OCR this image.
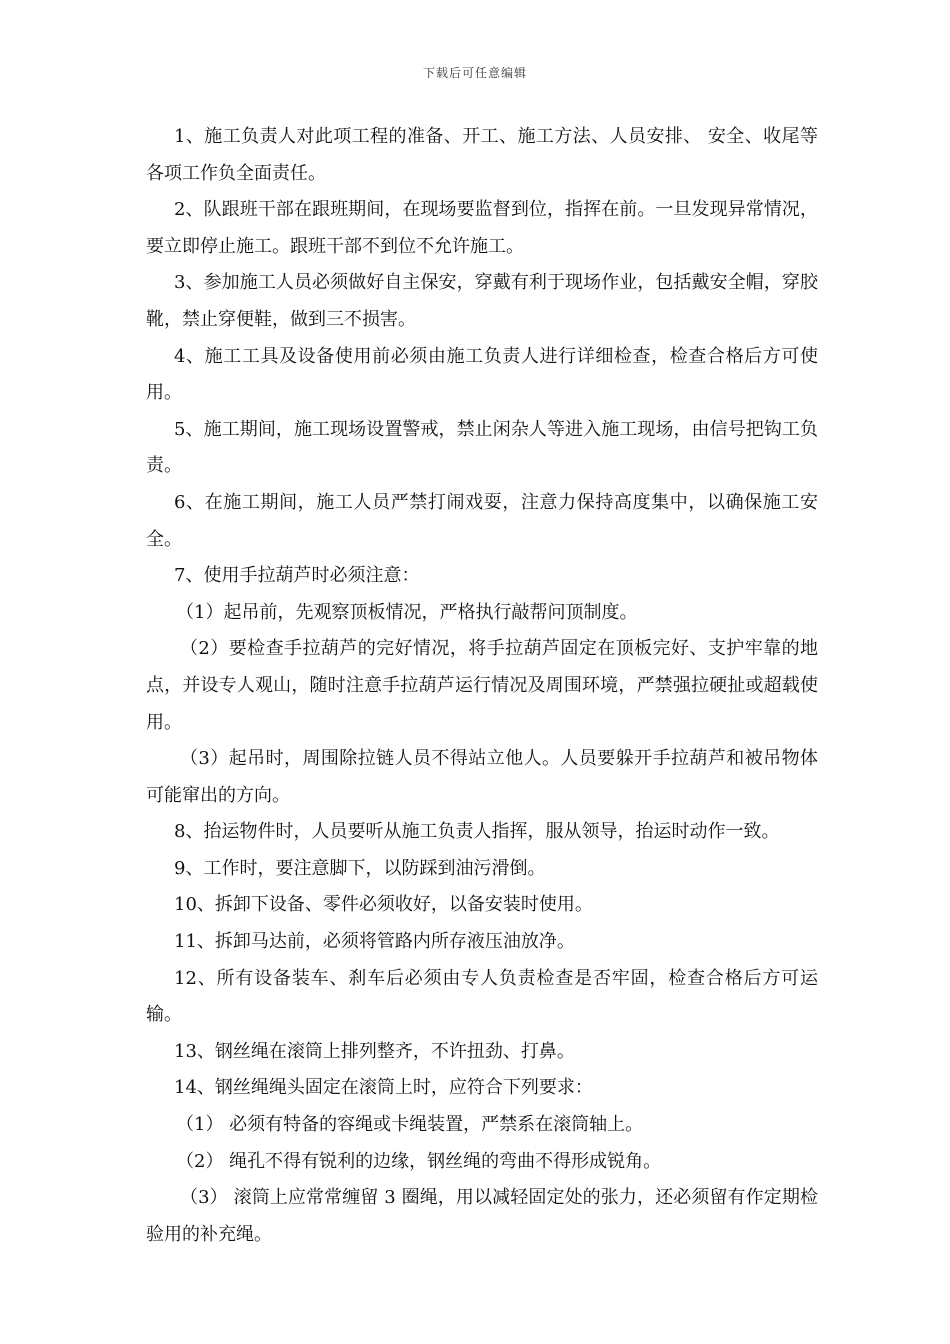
下载后可任意编辑

1、施工负责人对此项工程的准备、开工、施工方法、人员安排、 安全、收尾等各项工作负全面责任。

2、队跟班干部在跟班期间，在现场要监督到位，指挥在前。一旦发现异常情况，要立即停止施工。跟班干部不到位不允许施工。

3、参加施工人员必须做好自主保安，穿戴有利于现场作业，包括戴安全帽，穿胶靴，禁止穿便鞋，做到三不损害。

4、施工工具及设备使用前必须由施工负责人进行详细检查，检查合格后方可使用。

5、施工期间，施工现场设置警戒，禁止闲杂人等进入施工现场，由信号把钩工负责。

6、在施工期间，施工人员严禁打闹戏耍，注意力保持高度集中，以确保施工安全。

7、使用手拉葫芦时必须注意：

（1）起吊前，先观察顶板情况，严格执行敲帮问顶制度。

（2）要检查手拉葫芦的完好情况，将手拉葫芦固定在顶板完好、支护牢靠的地点，并设专人观山，随时注意手拉葫芦运行情况及周围环境，严禁强拉硬扯或超载使用。

（3）起吊时，周围除拉链人员不得站立他人。人员要躲开手拉葫芦和被吊物体可能窜出的方向。

8、抬运物件时，人员要听从施工负责人指挥，服从领导，抬运时动作一致。

9、工作时，要注意脚下，以防踩到油污滑倒。

10、拆卸下设备、零件必须收好，以备安装时使用。

11、拆卸马达前，必须将管路内所存液压油放净。

12、所有设备装车、刹车后必须由专人负责检查是否牢固，检查合格后方可运输。

13、钢丝绳在滚筒上排列整齐，不许扭劲、打鼻。

14、钢丝绳绳头固定在滚筒上时，应符合下列要求：

（1） 必须有特备的容绳或卡绳装置，严禁系在滚筒轴上。

（2） 绳孔不得有锐利的边缘，钢丝绳的弯曲不得形成锐角。

（3） 滚筒上应常常缠留 3 圈绳，用以减轻固定处的张力，还必须留有作定期检验用的补充绳。
